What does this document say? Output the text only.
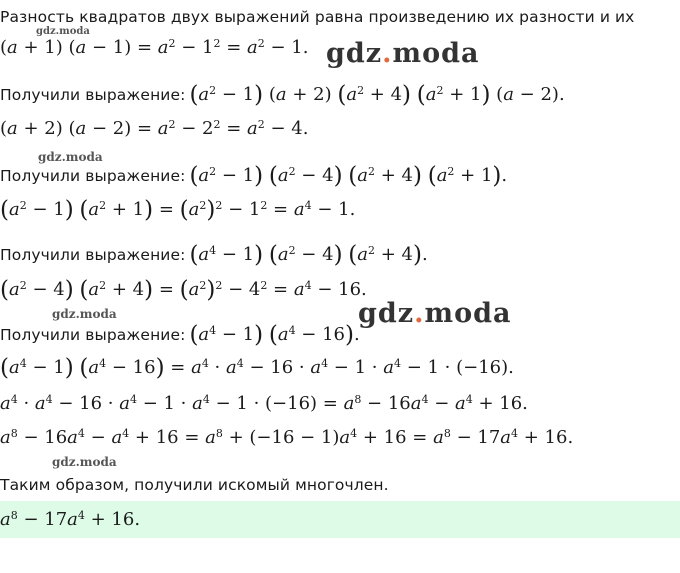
Разность квадратов двух выражений равна произведению их разности и их
(a + 1) $(a - 1) = a^2 - 1^2 = a^2 - 1$.
Получили выражение: $(a^2 - 1) (a + 2) (a^2 + 4) (a^2 + 1) (a - 2)$.
(a + 2) $(a - 2) = a^2 - 2^2 = a^2 - 4$.
Получили выражение: $(a^2 - 1) (a^2 - 4) (a^2 + 4) (a^2 + 1)$.
$(a^2 - 1) (a^2 + 1) = (a^2)^2 - 1^2 = a^4 - 1$.
Получили выражение: $(a^4 - 1) (a^2 - 4) (a^2 + 4)$.
$(a^2 - 4) (a^2 + 4) = (a^2)^2 - 4^2 = a^4 - 16$.
Получили выражение: $(a^4 - 1) (a^4 - 16)$.
$(a^4 - 1) (a^4 - 16) = a^4 \cdot a^4 - 16 \cdot a^4 - 1 \cdot a^4 - 1 \cdot (-16)$.
$a^4 \cdot a^4 - 16 \cdot a^4 - 1 \cdot a^4 - 1 \cdot (-16) = a^8 - 16a^4 - a^4 + 16$.
$a^8 - 16a^4 - a^4 + 16 = a^8 + (-16 - 1)a^4 + 16 = a^8 - 17a^4 + 16$.
Таким образом, получили искомый многочлен.
$a^8 - 17a^4 + 16$.
gdz.moda
gdz.moda
gdz.moda
gdz.moda
gdz.moda
gdz.moda
